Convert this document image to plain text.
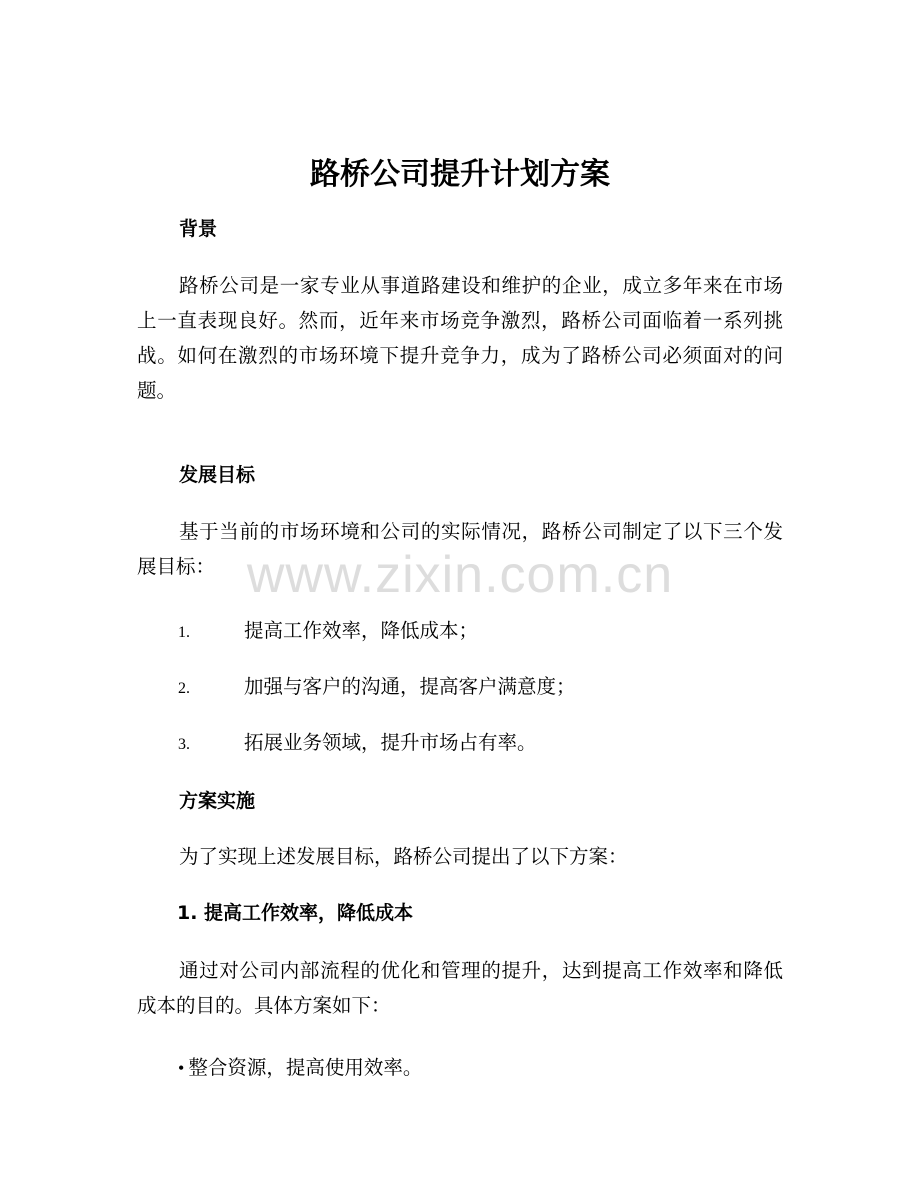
路桥公司提升计划方案
背景

路桥公司是一家专业从事道路建设和维护的企业，成立多年来在市场上一直表现良好。然而，近年来市场竞争激烈，路桥公司面临着一系列挑战。如何在激烈的市场环境下提升竞争力，成为了路桥公司必须面对的问题。

发展目标

基于当前的市场环境和公司的实际情况，路桥公司制定了以下三个发展目标：

1.	提高工作效率，降低成本；
2.	加强与客户的沟通，提高客户满意度；
3.	拓展业务领域，提升市场占有率。
方案实施

为了实现上述发展目标，路桥公司提出了以下方案：

1. 提高工作效率，降低成本

通过对公司内部流程的优化和管理的提升，达到提高工作效率和降低成本的目的。具体方案如下：

• 整合资源，提高使用效率。
www.zixin.com.cn
